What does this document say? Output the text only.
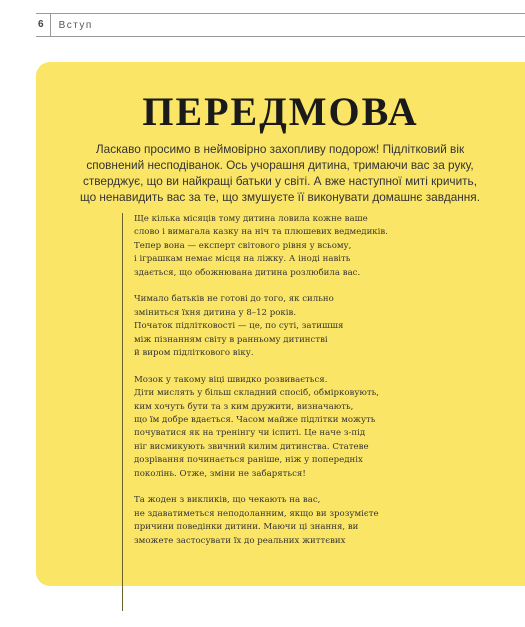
6	Вступ
ПЕРЕДМОВА
Ласкаво просимо в неймовірно захопливу подорож! Підлітковий вік
сповнений несподіванок. Ось учорашня дитина, тримаючи вас за руку,
стверджує, що ви найкращі батьки у світі. А вже наступної миті кричить,
що ненавидить вас за те, що змушуєте її виконувати домашнє завдання.

Ще кілька місяців тому дитина ловила кожне ваше
слово і вимагала казку на ніч та плюшевих ведмедиків.
Тепер вона — експерт світового рівня у всьому,
і іграшкам немає місця на ліжку. А іноді навіть
здається, що обожнювана дитина розлюбила вас.

Чимало батьків не готові до того, як сильно
зміниться їхня дитина у 8–12 років.
Початок підлітковості — це, по суті, затишшя
між пізнанням світу в ранньому дитинстві
й виром підліткового віку.

Мозок у такому віці швидко розвивається.
Діти мислять у більш складний спосіб, обмірковують,
ким хочуть бути та з ким дружити, визначають,
що їм добре вдається. Часом майже підлітки можуть
почуватися як на тренінгу чи іспиті. Це наче з-під
ніг висмикують звичний килим дитинства. Статеве
дозрівання починається раніше, ніж у попередніх
поколінь. Отже, зміни не забаряться!

Та жоден з викликів, що чекають на вас,
не здаватиметься неподоланним, якщо ви зрозумієте
причини поведінки дитини. Маючи ці знання, ви
зможете застосувати їх до реальних життєвих
